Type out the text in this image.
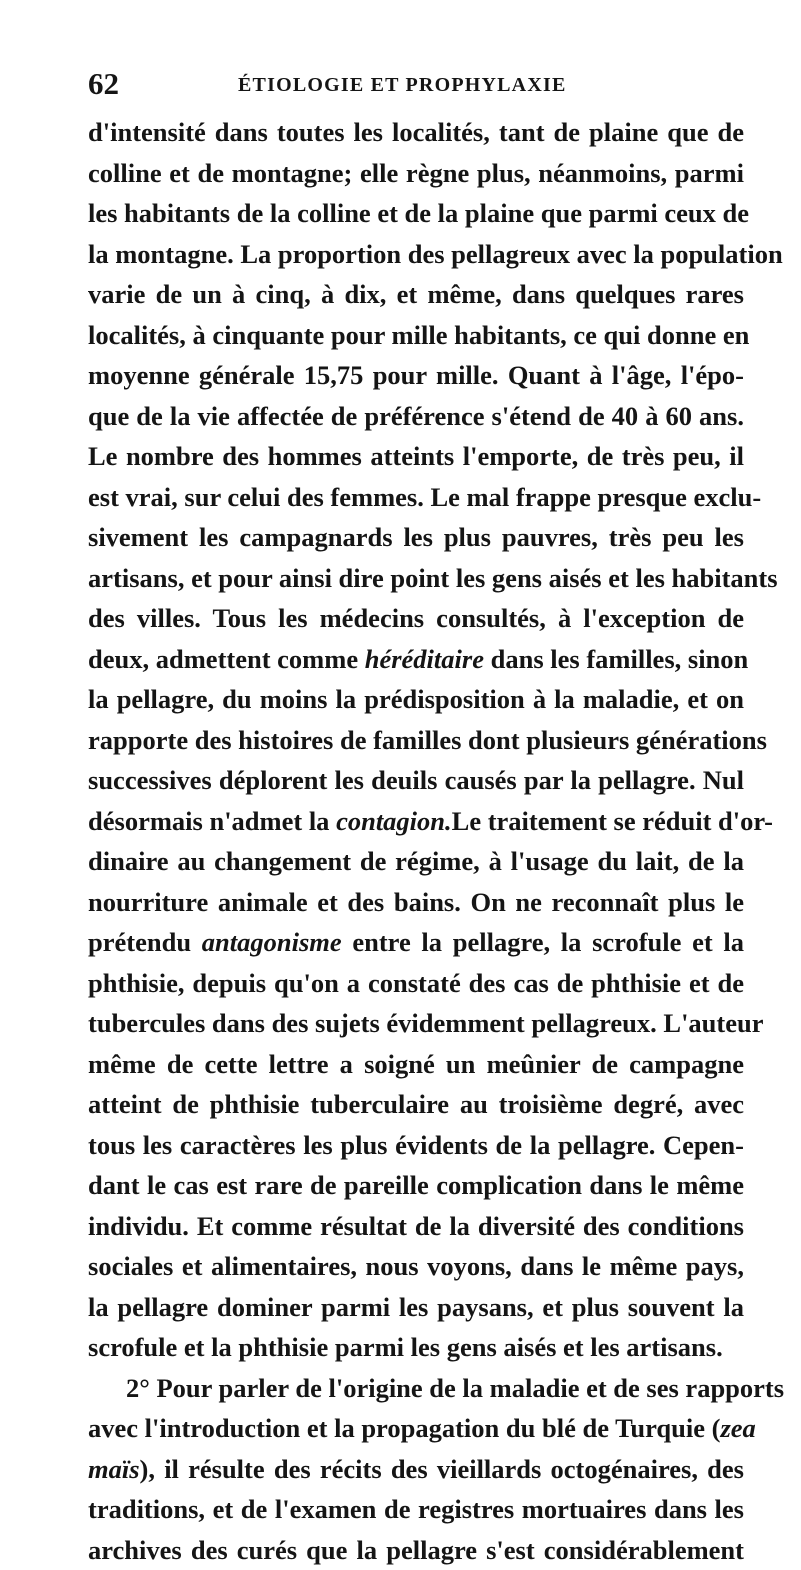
62	ÉTIOLOGIE ET PROPHYLAXIE
d'intensité dans toutes les localités, tant de plaine que de
colline et de montagne; elle règne plus, néanmoins, parmi
les habitants de la colline et de la plaine que parmi ceux de
la montagne. La proportion des pellagreux avec la population
varie de un à cinq, à dix, et même, dans quelques rares
localités, à cinquante pour mille habitants, ce qui donne en
moyenne générale 15,75 pour mille. Quant à l'âge, l'épo-
que de la vie affectée de préférence s'étend de 40 à 60 ans.
Le nombre des hommes atteints l'emporte, de très peu, il
est vrai, sur celui des femmes. Le mal frappe presque exclu-
sivement les campagnards les plus pauvres, très peu les
artisans, et pour ainsi dire point les gens aisés et les habitants
des villes. Tous les médecins consultés, à l'exception de
deux, admettent comme héréditaire dans les familles, sinon
la pellagre, du moins la prédisposition à la maladie, et on
rapporte des histoires de familles dont plusieurs générations
successives déplorent les deuils causés par la pellagre. Nul
désormais n'admet la contagion.Le traitement se réduit d'or-
dinaire au changement de régime, à l'usage du lait, de la
nourriture animale et des bains. On ne reconnaît plus le
prétendu antagonisme entre la pellagre, la scrofule et la
phthisie, depuis qu'on a constaté des cas de phthisie et de
tubercules dans des sujets évidemment pellagreux. L'auteur
même de cette lettre a soigné un meûnier de campagne
atteint de phthisie tuberculaire au troisième degré, avec
tous les caractères les plus évidents de la pellagre. Cepen-
dant le cas est rare de pareille complication dans le même
individu. Et comme résultat de la diversité des conditions
sociales et alimentaires, nous voyons, dans le même pays,
la pellagre dominer parmi les paysans, et plus souvent la
scrofule et la phthisie parmi les gens aisés et les artisans.
2° Pour parler de l'origine de la maladie et de ses rapports
avec l'introduction et la propagation du blé de Turquie (zea
maïs), il résulte des récits des vieillards octogénaires, des
traditions, et de l'examen de registres mortuaires dans les
archives des curés que la pellagre s'est considérablement
